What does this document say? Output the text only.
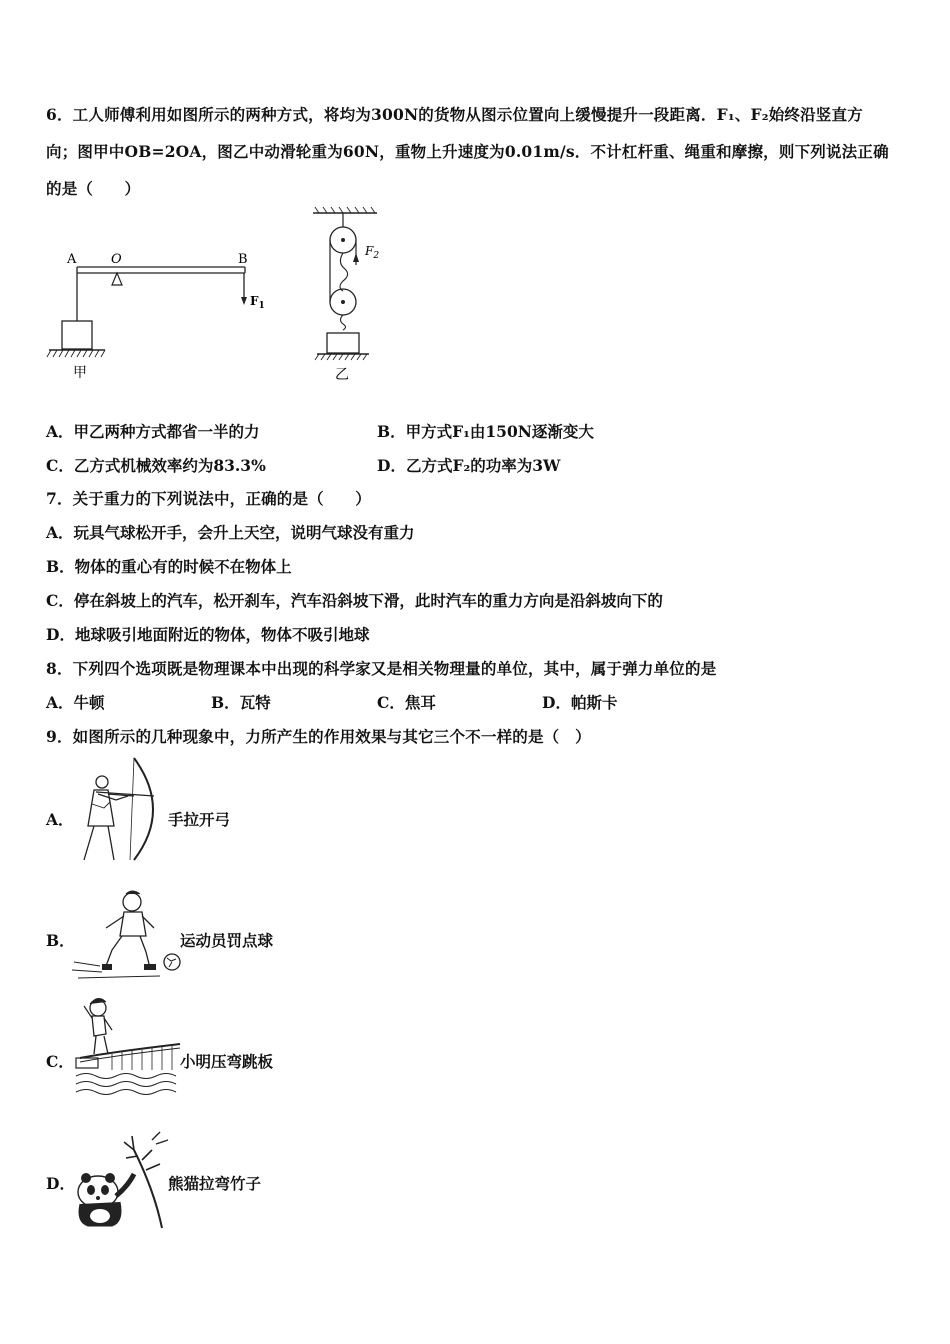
6．工人师傅利用如图所示的两种方式，将均为300N的货物从图示位置向上缓慢提升一段距离．F₁、F₂始终沿竖直方
向；图甲中OB=2OA，图乙中动滑轮重为60N，重物上升速度为0.01m/s．不计杠杆重、绳重和摩擦，则下列说法正确
的是（　　）
A	O	B
$F_1$
甲
$F_2$
乙
A．甲乙两种方式都省一半的力	B．甲方式F₁由150N逐渐变大
C．乙方式机械效率约为83.3%	D．乙方式F₂的功率为3W
7．关于重力的下列说法中，正确的是（　　）
A．玩具气球松开手，会升上天空，说明气球没有重力
B．物体的重心有的时候不在物体上
C．停在斜坡上的汽车，松开刹车，汽车沿斜坡下滑，此时汽车的重力方向是沿斜坡向下的
D．地球吸引地面附近的物体，物体不吸引地球
8．下列四个选项既是物理课本中出现的科学家又是相关物理量的单位，其中，属于弹力单位的是
A．牛顿	B．瓦特	C．焦耳	D．帕斯卡
9．如图所示的几种现象中，力所产生的作用效果与其它三个不一样的是（　）
A．	手拉开弓
B．	运动员罚点球
C．	小明压弯跳板
D．	熊猫拉弯竹子
